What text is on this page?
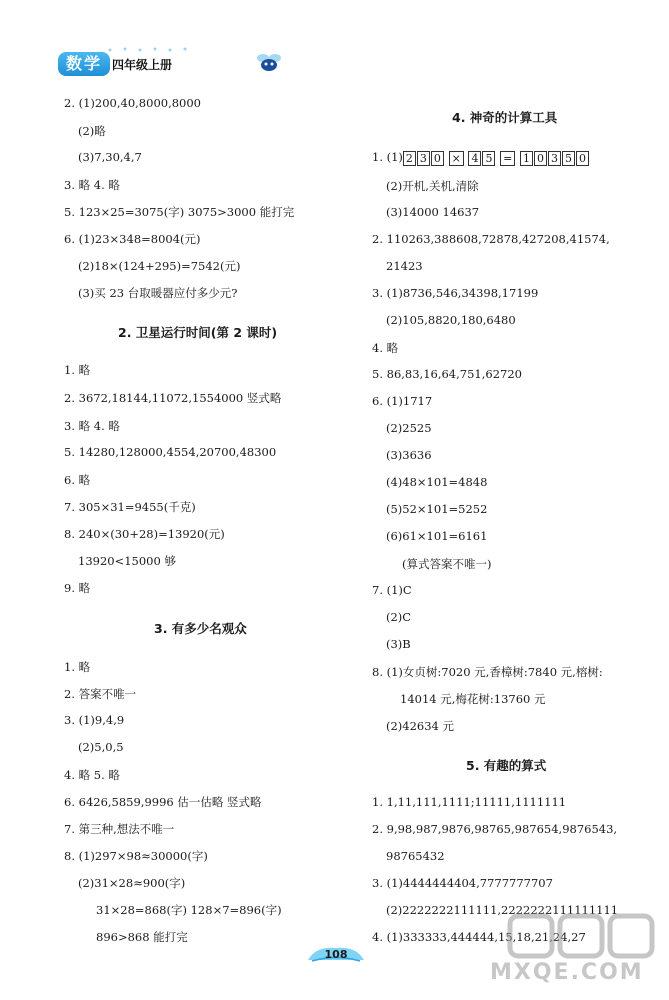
数学 四年级上册
2. (1)200,40,8000,8000
(2)略
(3)7,30,4,7
3. 略 4. 略
5. 123×25=3075(字) 3075>3000 能打完
6. (1)23×348=8004(元)
(2)18×(124+295)=7542(元)
(3)买 23 台取暖器应付多少元?
2. 卫星运行时间(第 2 课时)
1. 略
2. 3672,18144,11072,1554000 竖式略
3. 略 4. 略
5. 14280,128000,4554,20700,48300
6. 略
7. 305×31=9455(千克)
8. 240×(30+28)=13920(元)
13920<15000 够
9. 略
3. 有多少名观众
1. 略
2. 答案不唯一
3. (1)9,4,9
(2)5,0,5
4. 略 5. 略
6. 6426,5859,9996 估一估略 竖式略
7. 第三种,想法不唯一
8. (1)297×98≈30000(字)
(2)31×28≈900(字)
31×28=868(字) 128×7=896(字)
896>868 能打完
4. 神奇的计算工具
1. (1) 2 3 0 × 4 5 = 1 0 3 5 0
(2)开机,关机,清除
(3)14000 14637
2. 110263,388608,72878,427208,41574,
21423
3. (1)8736,546,34398,17199
(2)105,8820,180,6480
4. 略
5. 86,83,16,64,751,62720
6. (1)1717
(2)2525
(3)3636
(4)48×101=4848
(5)52×101=5252
(6)61×101=6161
(算式答案不唯一)
7. (1)C
(2)C
(3)B
8. (1)女贞树:7020 元,香樟树:7840 元,榕树:
14014 元,梅花树:13760 元
(2)42634 元
5. 有趣的算式
1. 1,11,111,1111;11111,1111111
2. 9,98,987,9876,98765,987654,9876543,
98765432
3. (1)4444444404,7777777707
(2)2222222111111,2222222111111111
4. (1)333333,444444,15,18,21,24,27
108
MXQE.COM
